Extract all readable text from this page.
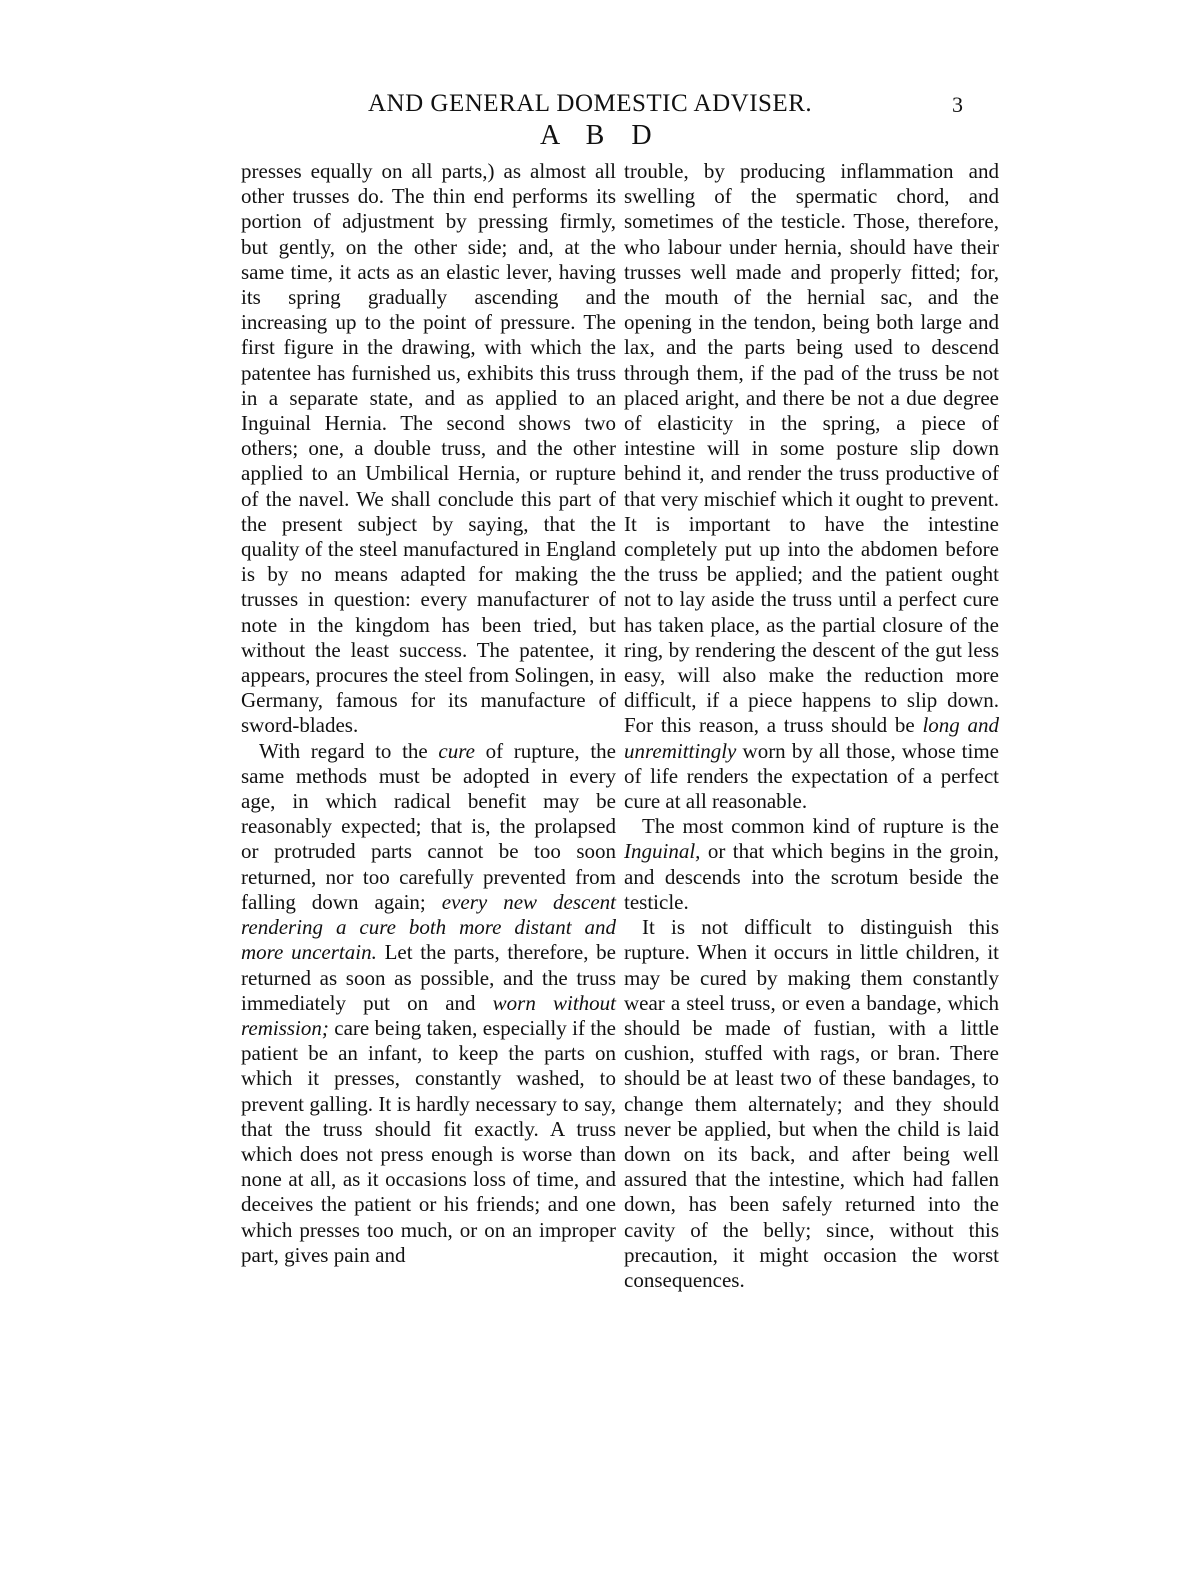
AND GENERAL DOMESTIC ADVISER.	3
A B D

presses equally on all parts,) as almost all other trusses do. The thin end performs its portion of adjustment by pressing firmly, but gently, on the other side; and, at the same time, it acts as an elastic lever, having its spring gradually ascending and increasing up to the point of pressure. The first figure in the drawing, with which the patentee has furnished us, exhibits this truss in a separate state, and as applied to an Inguinal Hernia. The second shows two others; one, a double truss, and the other applied to an Umbilical Hernia, or rupture of the navel. We shall conclude this part of the present subject by saying, that the quality of the steel manufactured in England is by no means adapted for making the trusses in question: every manufacturer of note in the kingdom has been tried, but without the least success. The patentee, it appears, procures the steel from Solingen, in Germany, famous for its manufacture of sword-blades.

With regard to the cure of rupture, the same methods must be adopted in every age, in which radical benefit may be reasonably expected; that is, the prolapsed or protruded parts cannot be too soon returned, nor too carefully prevented from falling down again; every new descent rendering a cure both more distant and more uncertain. Let the parts, therefore, be returned as soon as possible, and the truss immediately put on and worn without remission; care being taken, especially if the patient be an infant, to keep the parts on which it presses, constantly washed, to prevent galling. It is hardly necessary to say, that the truss should fit exactly. A truss which does not press enough is worse than none at all, as it occasions loss of time, and deceives the patient or his friends; and one which presses too much, or on an improper part, gives pain and

trouble, by producing inflammation and swelling of the spermatic chord, and sometimes of the testicle. Those, therefore, who labour under hernia, should have their trusses well made and properly fitted; for, the mouth of the hernial sac, and the opening in the tendon, being both large and lax, and the parts being used to descend through them, if the pad of the truss be not placed aright, and there be not a due degree of elasticity in the spring, a piece of intestine will in some posture slip down behind it, and render the truss productive of that very mischief which it ought to prevent. It is important to have the intestine completely put up into the abdomen before the truss be applied; and the patient ought not to lay aside the truss until a perfect cure has taken place, as the partial closure of the ring, by rendering the descent of the gut less easy, will also make the reduction more difficult, if a piece happens to slip down. For this reason, a truss should be long and unremittingly worn by all those, whose time of life renders the expectation of a perfect cure at all reasonable.

The most common kind of rupture is the Inguinal, or that which begins in the groin, and descends into the scrotum beside the testicle.

It is not difficult to distinguish this rupture. When it occurs in little children, it may be cured by making them constantly wear a steel truss, or even a bandage, which should be made of fustian, with a little cushion, stuffed with rags, or bran. There should be at least two of these bandages, to change them alternately; and they should never be applied, but when the child is laid down on its back, and after being well assured that the intestine, which had fallen down, has been safely returned into the cavity of the belly; since, without this precaution, it might occasion the worst consequences.
